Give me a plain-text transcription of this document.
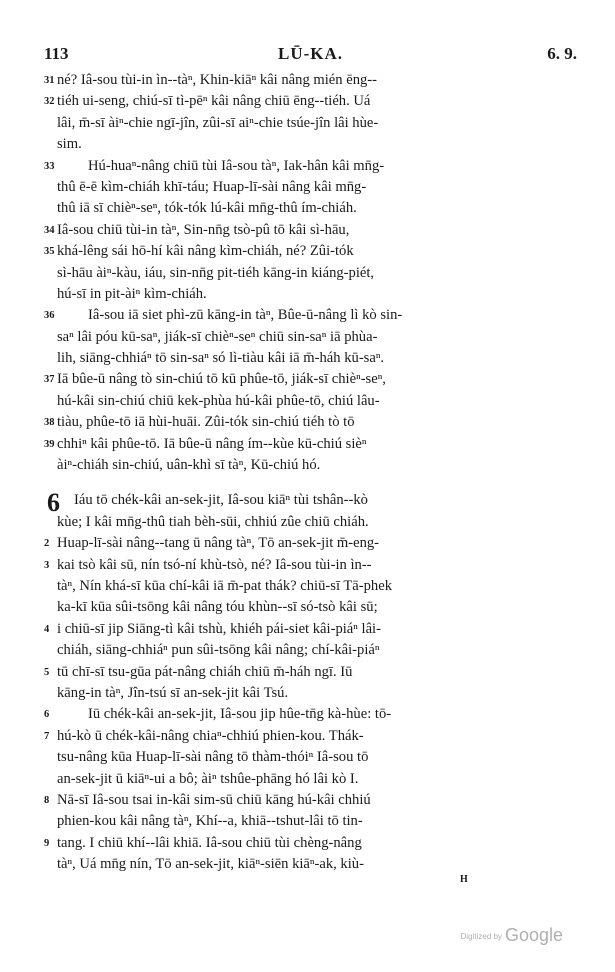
113	LŪ-KA.	6. 9.
31 né? Iâ-sou tùi-in ìn--tàⁿ, Khin-kiāⁿ kâi nâng mién ēng--
32 tiéh ui-seng, chiú-sī tì-pēⁿ kâi nâng chiū ēng--tiéh. Uá
lâi, m̄-sī àiⁿ-chie ngī-jîn, zûi-sī aiⁿ-chie tsúe-jîn lâi hùe-
sim.
33 Hú-huaⁿ-nâng chiū tùi Iâ-sou tàⁿ, Iak-hân kâi mn̄g-
thû ē-ē kìm-chiáh khī-táu; Huap-lī-sài nâng kâi mn̄g-
thû iā sī chièⁿ-seⁿ, tók-tók lú-kâi mn̄g-thû ím-chiáh.
34 Iâ-sou chiū tùi-in tàⁿ, Sin-nn̄g tsò-pû tō kâi sì-hāu,
35 khá-lêng sái hō-hí kâi nâng kìm-chiáh, né? Zûi-tók
sì-hāu àiⁿ-kàu, iáu, sin-nn̄g pit-tiéh kāng-in kiáng-piét,
hú-sī in pit-àiⁿ kìm-chiáh.
36 Iâ-sou iā siet phì-zū kāng-in tàⁿ, Bûe-ū-nâng lì kò sin-
saⁿ lâi póu kū-saⁿ, jiák-sī chièⁿ-seⁿ chiū sin-saⁿ iā phùa-
lih, siāng-chhiáⁿ tō sin-saⁿ só lì-tiàu kâi iā m̄-háh kū-saⁿ.
37 Iā bûe-ū nâng tò sin-chiú tō kū phûe-tō, jiák-sī chièⁿ-seⁿ,
hú-kâi sin-chiú chiū kek-phùa hú-kâi phûe-tō, chiú lâu-
38 tiàu, phûe-tō iā hùi-huāi. Zûi-tók sin-chiú tiéh tò tō
39 chhiⁿ kâi phûe-tō. Iā bûe-ū nâng ím--kùe kū-chiú sièⁿ
àiⁿ-chiáh sin-chiú, uân-khì sī tàⁿ, Kū-chiú hó.
6 Iáu tō chék-kâi an-sek-jit, Iâ-sou kiāⁿ tùi tshân--kò
kùe; I kâi mn̄g-thû tiah bèh-sūi, chhiú zûe chiū chiáh.
2 Huap-lī-sài nâng--tang ū nâng tàⁿ, Tō an-sek-jit m̄-eng-
3 kai tsò kâi sū, nín tsó-ní khù-tsò, né? Iâ-sou tùi-in ìn--
tàⁿ, Nín khá-sī kūa chí-kâi iā m̄-pat thák? chiū-sī Tā-phek
ka-kī kūa sûi-tsōng kâi nâng tóu khùn--sī só-tsò kâi sū;
4 i chiū-sī jip Siāng-tì kâi tshù, khiéh pái-siet kâi-piáⁿ lâi-
chiáh, siāng-chhiáⁿ pun sûi-tsōng kâi nâng; chí-kâi-piáⁿ
5 tū chī-sī tsu-gūa pát-nâng chiáh chiū m̄-háh ngī. Iū
kāng-in tàⁿ, Jîn-tsú sī an-sek-jit kâi Tsú.
6	Iū chék-kâi an-sek-jit, Iâ-sou jip hûe-tn̄g kà-hùe: tō-
7 hú-kò ū chék-kâi-nâng chiaⁿ-chhiú phien-kou. Thák-
tsu-nâng kūa Huap-lī-sài nâng tō thàm-thóiⁿ Iâ-sou tō
an-sek-jit ū kiāⁿ-ui a bô; àiⁿ tshûe-phāng hó lâi kò I.
8 Nā-sī Iâ-sou tsai in-kâi sim-sū chiū kāng hú-kâi chhiú
phien-kou kâi nâng tàⁿ, Khí--a, khiā--tshut-lâi tō tin-
9 tang. I chiū khí--lâi khiā. Iâ-sou chiū tùi chèng-nâng
tàⁿ, Uá mn̄g nín, Tō an-sek-jit, kiāⁿ-siēn kiāⁿ-ak, kiù-
H
Digitized by Google
